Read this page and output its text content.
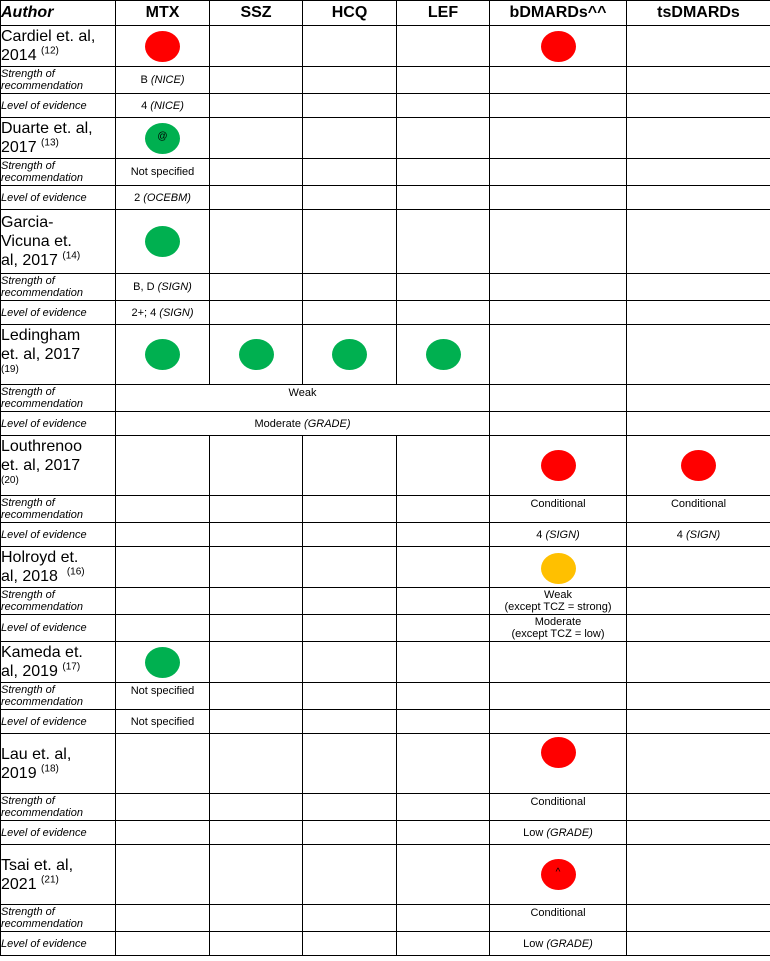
Author	MTX	SSZ	HCQ	LEF	bDMARDs^^	tsDMARDs
Cardiel et. al, 2014 $^{(12)}$						
Strength of recommendation	B (NICE)					
Level of evidence	4 (NICE)					
Duarte et. al, 2017 $^{(13)}$	@					

Strength of recommendation	Not specified					
Level of evidence	2 (OCEBM)					
Garcia-
Vicuna et.
al, 2017 $^{(14)}$						
Strength of recommendation	B, D (SIGN)					
Level of evidence	2+; 4 (SIGN)					
Ledingham
et. al, 2017
$^{(19)}$						
Strength of recommendation	Weak					
Level of evidence	Moderate (GRADE)					
Louthrenoo
et. al, 2017
$^{(20)}$						
Strength of recommendation					Conditional	Conditional
Level of evidence					4 (SIGN)	4 (SIGN)
Holroyd et.
al, 2018 $^{(16)}$						
Strength of recommendation					Weak
(except TCZ = strong)	
Level of evidence					Moderate
(except TCZ = low)	
Kameda et.
al, 2019 $^{(17)}$						
Strength of recommendation	Not specified					
Level of evidence	Not specified					
Lau et. al,
2019 $^{(18)}$						
Strength of recommendation					Conditional	
Level of evidence					Low (GRADE)	
Tsai et. al,
2021 $^{(21)}$					^	

Strength of recommendation					Conditional	
Level of evidence					Low (GRADE)	
